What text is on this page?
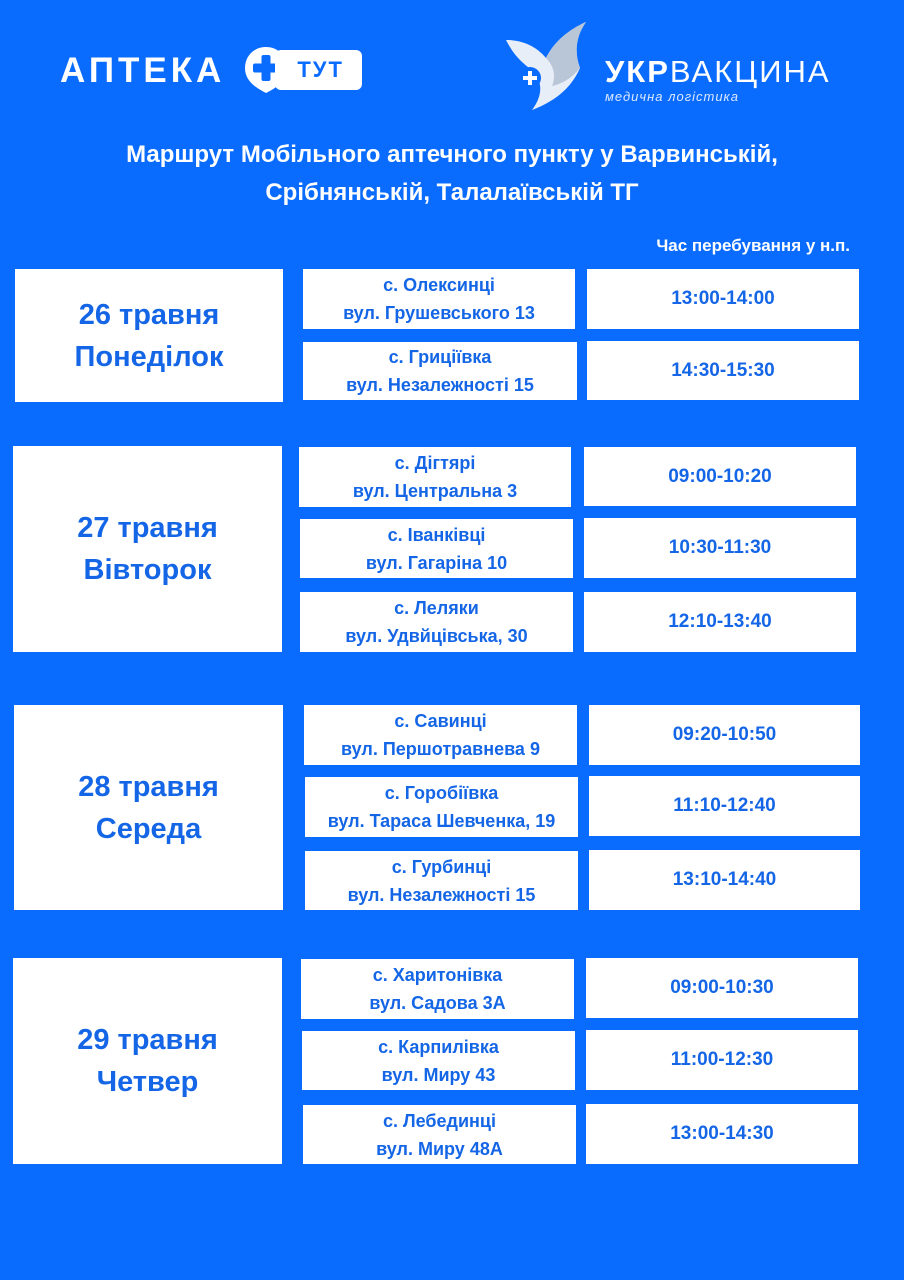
АПТЕКА	ТУТ	УКРВАКЦИНА
медична логістика
Маршрут Мобільного аптечного пункту у Варвинській,
Срібнянській, Талалаївській ТГ
Час перебування у н.п.
26 травня
Понеділок
с. Олексинці
вул. Грушевського 13
13:00-14:00
с. Гриціївка
вул. Незалежності 15
14:30-15:30
27 травня
Вівторок
с. Дігтярі
вул. Центральна 3
09:00-10:20
с. Іванківці
вул. Гагаріна 10
10:30-11:30
с. Леляки
вул. Удвйцівська, 30
12:10-13:40
28 травня
Середа
с. Савинці
вул. Першотравнева 9
09:20-10:50
с. Горобіївка
вул. Тараса Шевченка, 19
11:10-12:40
с. Гурбинці
вул. Незалежності 15
13:10-14:40
29 травня
Четвер
с. Харитонівка
вул. Садова 3А
09:00-10:30
с. Карпилівка
вул. Миру 43
11:00-12:30
с. Лебединці
вул. Миру 48А
13:00-14:30
